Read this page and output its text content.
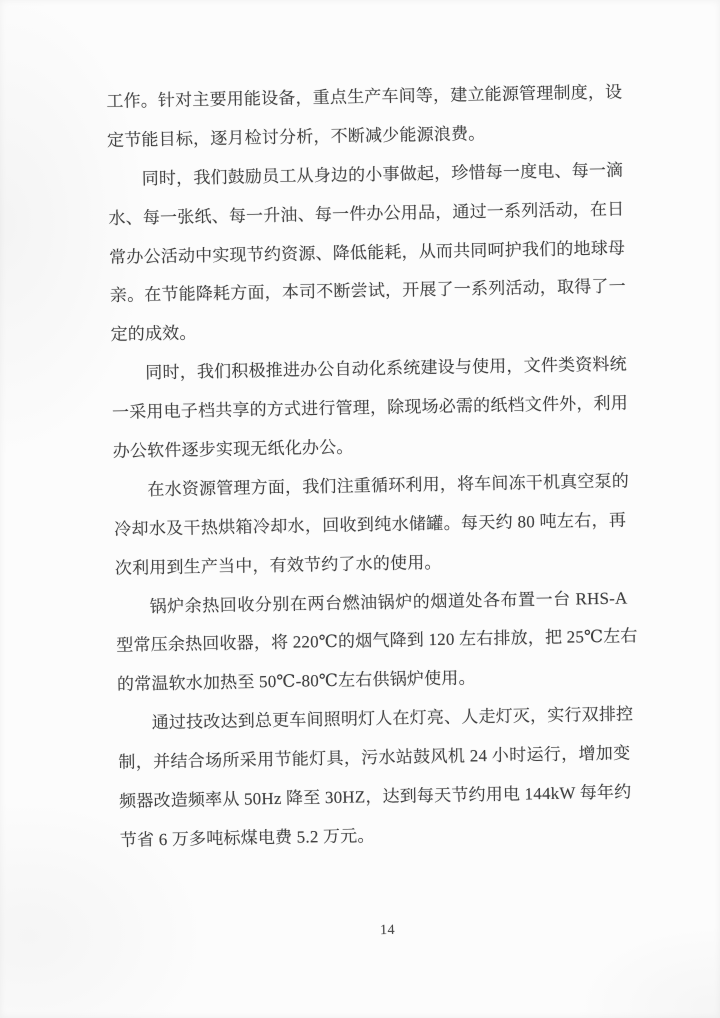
工作。针对主要用能设备，重点生产车间等，建立能源管理制度，设
定节能目标，逐月检讨分析，不断减少能源浪费。
同时，我们鼓励员工从身边的小事做起，珍惜每一度电、每一滴
水、每一张纸、每一升油、每一件办公用品，通过一系列活动，在日
常办公活动中实现节约资源、降低能耗，从而共同呵护我们的地球母
亲。在节能降耗方面，本司不断尝试，开展了一系列活动，取得了一
定的成效。
同时，我们积极推进办公自动化系统建设与使用，文件类资料统
一采用电子档共享的方式进行管理，除现场必需的纸档文件外，利用
办公软件逐步实现无纸化办公。
在水资源管理方面，我们注重循环利用，将车间冻干机真空泵的
冷却水及干热烘箱冷却水，回收到纯水储罐。每天约 80 吨左右，再
次利用到生产当中，有效节约了水的使用。
锅炉余热回收分别在两台燃油锅炉的烟道处各布置一台 RHS-A
型常压余热回收器，将 220℃的烟气降到 120 左右排放，把 25℃左右
的常温软水加热至 50℃-80℃左右供锅炉使用。
通过技改达到总更车间照明灯人在灯亮、人走灯灭，实行双排控
制，并结合场所采用节能灯具，污水站鼓风机 24 小时运行，增加变
频器改造频率从 50Hz 降至 30HZ，达到每天节约用电 144kW 每年约
节省 6 万多吨标煤电费 5.2 万元。
14
